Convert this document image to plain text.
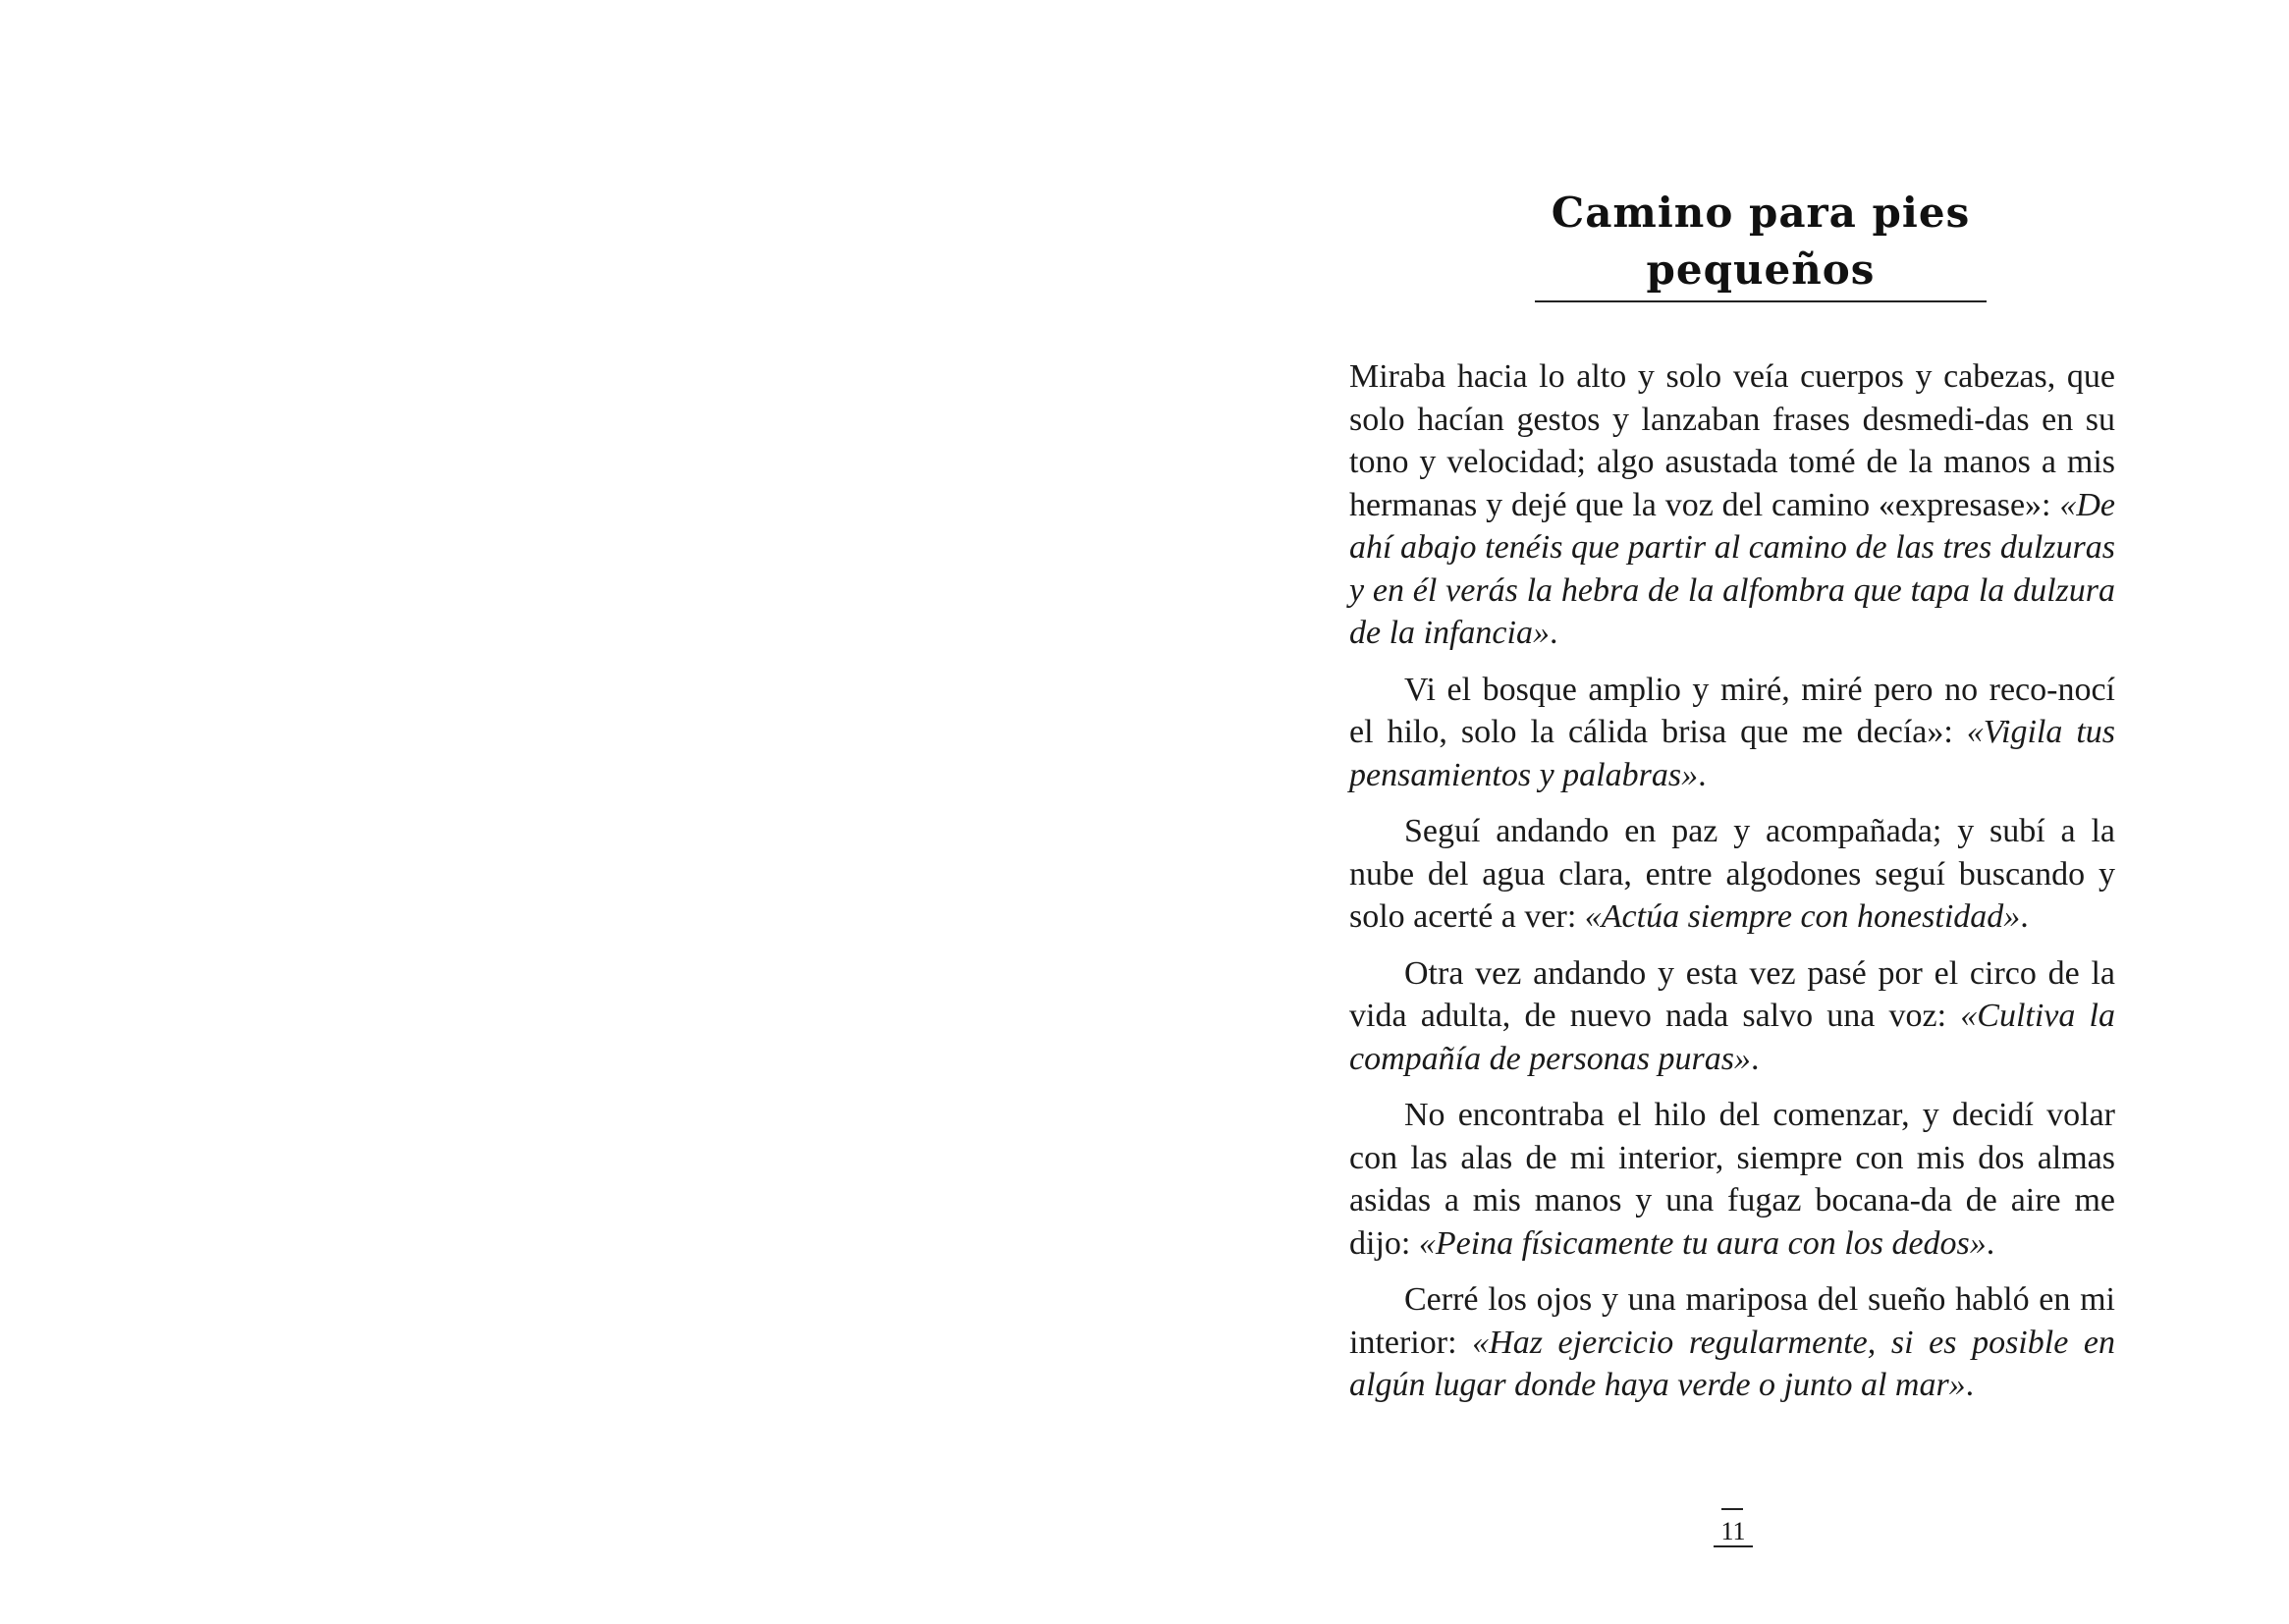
Camino para pies pequeños

Miraba hacia lo alto y solo veía cuerpos y cabezas, que solo hacían gestos y lanzaban frases desmedi-das en su tono y velocidad; algo asustada tomé de la manos a mis hermanas y dejé que la voz del camino «expresase»: «De ahí abajo tenéis que partir al camino de las tres dulzuras y en él verás la hebra de la alfombra que tapa la dulzura de la infancia».

Vi el bosque amplio y miré, miré pero no reco-nocí el hilo, solo la cálida brisa que me decía»: «Vigila tus pensamientos y palabras».

Seguí andando en paz y acompañada; y subí a la nube del agua clara, entre algodones seguí buscando y solo acerté a ver: «Actúa siempre con honestidad».

Otra vez andando y esta vez pasé por el circo de la vida adulta, de nuevo nada salvo una voz: «Cultiva la compañía de personas puras».

No encontraba el hilo del comenzar, y decidí volar con las alas de mi interior, siempre con mis dos almas asidas a mis manos y una fugaz bocana-da de aire me dijo: «Peina físicamente tu aura con los dedos».

Cerré los ojos y una mariposa del sueño habló en mi interior: «Haz ejercicio regularmente, si es posible en algún lugar donde haya verde o junto al mar».

11
